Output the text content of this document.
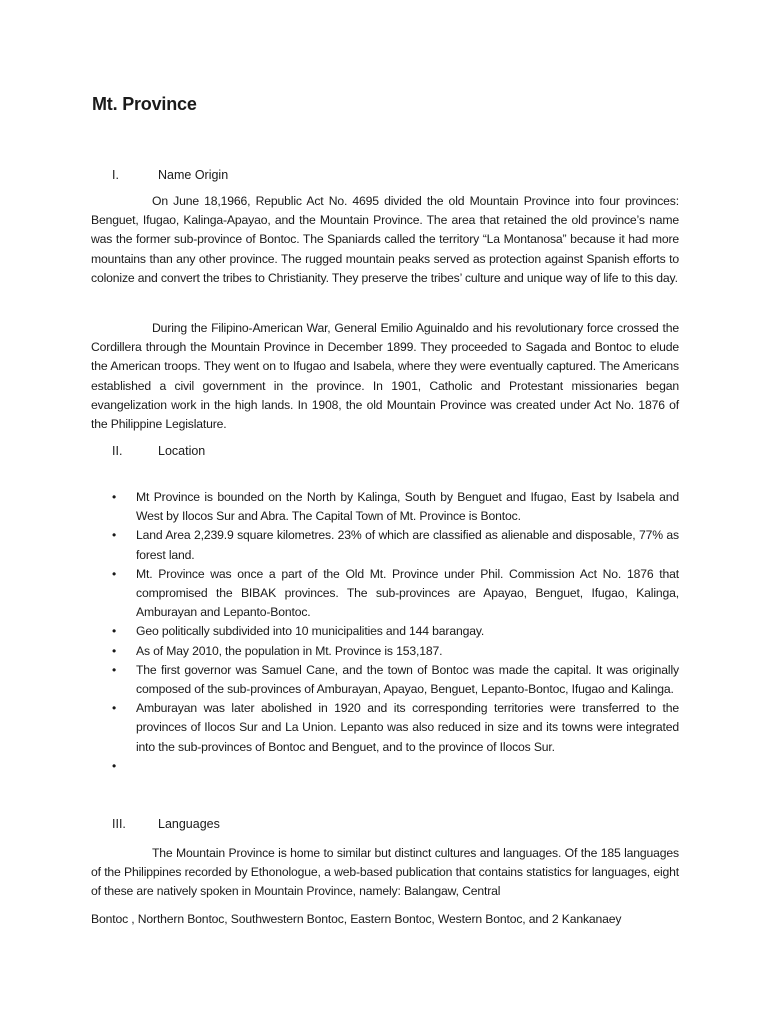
Mt. Province
I.	Name Origin

On June 18,1966, Republic Act No. 4695 divided the old Mountain Province into four provinces: Benguet, Ifugao, Kalinga-Apayao, and the Mountain Province. The area that retained the old province’s name was the former sub-province of Bontoc. The Spaniards called the territory “La Montanosa” because it had more mountains than any other province. The rugged mountain peaks served as protection against Spanish efforts to colonize and convert the tribes to Christianity. They preserve the tribes’ culture and unique way of life to this day.

During the Filipino-American War, General Emilio Aguinaldo and his revolutionary force crossed the Cordillera through the Mountain Province in December 1899. They proceeded to Sagada and Bontoc to elude the American troops. They went on to Ifugao and Isabela, where they were eventually captured. The Americans established a civil government in the province. In 1901, Catholic and Protestant missionaries began evangelization work in the high lands. In 1908, the old Mountain Province was created under Act No. 1876 of the Philippine Legislature.

II.	Location
• Mt Province is bounded on the North by Kalinga, South by Benguet and Ifugao, East by Isabela and West by Ilocos Sur and Abra. The Capital Town of Mt. Province is Bontoc.
• Land Area 2,239.9 square kilometres. 23% of which are classified as alienable and disposable, 77% as forest land.
• Mt. Province was once a part of the Old Mt. Province under Phil. Commission Act No. 1876 that compromised the BIBAK provinces. The sub-provinces are Apayao, Benguet, Ifugao, Kalinga, Amburayan and Lepanto-Bontoc.
• Geo politically subdivided into 10 municipalities and 144 barangay.
• As of May 2010, the population in Mt. Province is 153,187.
• The first governor was Samuel Cane, and the town of Bontoc was made the capital. It was originally composed of the sub-provinces of Amburayan, Apayao, Benguet, Lepanto-Bontoc, Ifugao and Kalinga.
• Amburayan was later abolished in 1920 and its corresponding territories were transferred to the provinces of Ilocos Sur and La Union. Lepanto was also reduced in size and its towns were integrated into the sub-provinces of Bontoc and Benguet, and to the province of Ilocos Sur.
•
III.	Languages

The Mountain Province is home to similar but distinct cultures and languages. Of the 185 languages of the Philippines recorded by Ethonologue, a web-based publication that contains statistics for languages, eight of these are natively spoken in Mountain Province, namely: Balangaw, Central

Bontoc , Northern Bontoc, Southwestern Bontoc, Eastern Bontoc, Western Bontoc, and 2 Kankanaey
